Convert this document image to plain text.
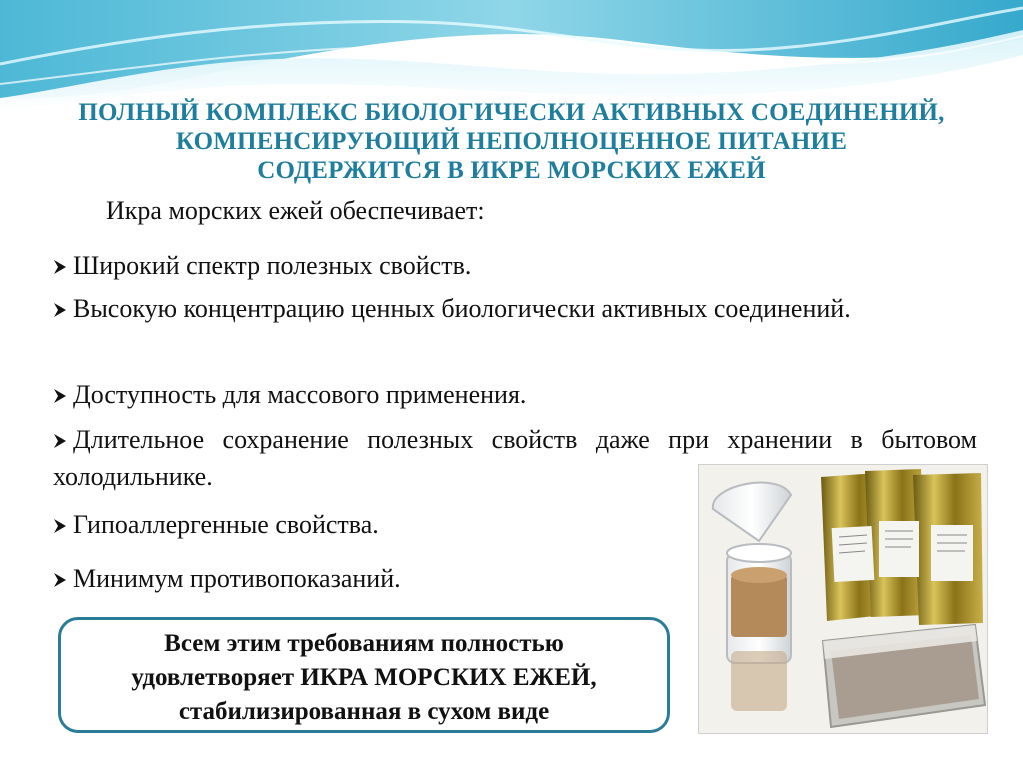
ПОЛНЫЙ КОМПЛЕКС БИОЛОГИЧЕСКИ АКТИВНЫХ СОЕДИНЕНИЙ,
КОМПЕНСИРУЮЩИЙ НЕПОЛНОЦЕННОЕ ПИТАНИЕ
СОДЕРЖИТСЯ В ИКРЕ МОРСКИХ ЕЖЕЙ
Икра морских ежей обеспечивает:
Широкий спектр полезных свойств.
Высокую концентрацию ценных биологически активных соединений.
Доступность для массового применения.
Длительное сохранение полезных свойств даже при хранении в бытовом холодильнике.
Гипоаллергенные свойства.
Минимум противопоказаний.
Всем этим требованиям полностью
удовлетворяет ИКРА МОРСКИХ ЕЖЕЙ,
стабилизированная в сухом виде
